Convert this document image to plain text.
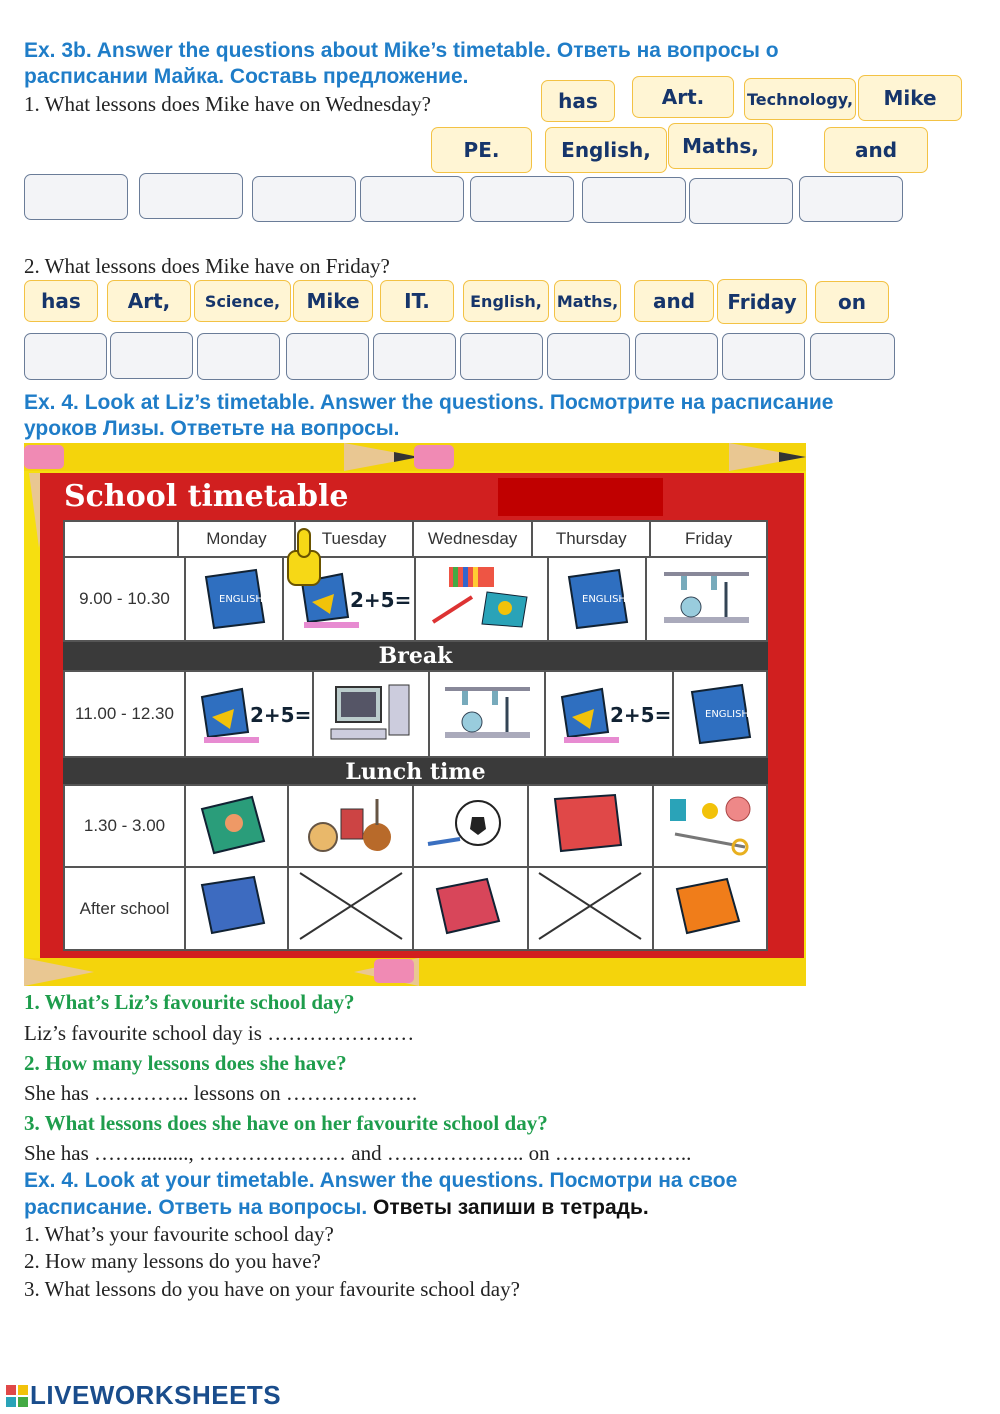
Ex. 3b. Answer the questions about Mike’s timetable. Ответь на вопросы о
расписании Майка. Составь предложение.
1. What lessons does Mike have on Wednesday?	has	Art.	Technology,	Mike
PE.	English,	Maths,	and
2. What lessons does Mike have on Friday?
has	Art,	Science,	Mike	IT.	English, Maths,	and	Friday	on
Ex. 4. Look at Liz’s timetable. Answer the questions. Посмотрите на расписание
уроков Лизы. Ответьте на вопросы.
School timetable
	Monday	Tuesday	Wednesday	Thursday	Friday
9.00 - 10.30	ENGLISH	2+5=		ENGLISH

Break
11.00 - 12.30	2+5=			2+5=	ENGLISH
Lunch time
1.30 - 3.00					
After school					
1. What’s Liz’s favourite school day?
Liz’s favourite school day is …………………
2. How many lessons does she have?
She has ………….. lessons on ……………….
3. What lessons does she have on her favourite school day?
She has …….........., ………………… and ……………….. on ………………..
Ex. 4. Look at your timetable. Answer the questions. Посмотри на свое
расписание. Ответь на вопросы. Ответы запиши в тетрадь.
1. What’s your favourite school day?
2. How many lessons do you have?
3. What lessons do you have on your favourite school day?
LIVEWORKSHEETS
